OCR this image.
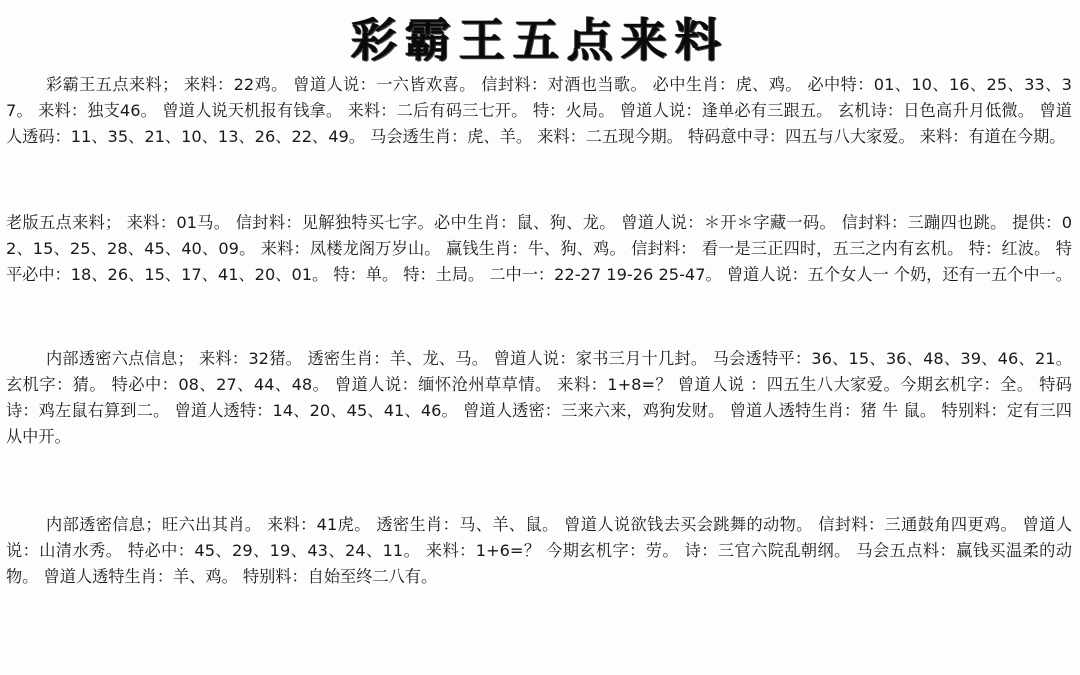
彩霸王五点来料
彩霸王五点来料； 来料：22鸡。 曾道人说：一六皆欢喜。 信封料：对酒也当歌。 必中生肖：虎、鸡。 必中特：01、10、16、25、33、37。 来料：独支46。 曾道人说天机报有钱拿。 来料：二后有码三七开。 特：火局。 曾道人说：逢单必有三跟五。 玄机诗：日色高升月低微。 曾道人透码：11、35、21、10、13、26、22、49。 马会透生肖：虎、羊。 来料：二五现今期。 特码意中寻：四五与八大家爱。 来料：有道在今期。
老版五点来料； 来料：01马。 信封料：见解独特买七字。必中生肖：鼠、狗、龙。 曾道人说：＊开＊字藏一码。 信封料：三蹦四也跳。 提供：02、15、25、28、45、40、09。 来料：凤楼龙阁万岁山。 赢钱生肖：牛、狗、鸡。 信封料： 看一是三正四时，五三之内有玄机。 特：红波。 特平必中：18、26、15、17、41、20、01。 特：单。 特：土局。 二中一：22-27 19-26 25-47。 曾道人说：五个女人一 个奶，还有一五个中一。
内部透密六点信息； 来料：32猪。 透密生肖：羊、龙、马。 曾道人说：家书三月十几封。 马会透特平：36、15、36、48、39、46、21。 玄机字：猜。 特必中：08、27、44、48。 曾道人说：缅怀沧州草草情。 来料：1+8=？ 曾道人说 ：四五生八大家爱。今期玄机字：全。 特码诗：鸡左鼠右算到二。 曾道人透特：14、20、45、41、46。 曾道人透密：三来六来，鸡狗发财。 曾道人透特生肖：猪 牛 鼠。 特别料：定有三四从中开。
内部透密信息；旺六出其肖。 来料：41虎。 透密生肖：马、羊、鼠。 曾道人说欲钱去买会跳舞的动物。 信封料：三通鼓角四更鸡。 曾道人说：山清水秀。 特必中：45、29、19、43、24、11。 来料：1+6=？ 今期玄机字：劳。 诗：三官六院乱朝纲。 马会五点料：赢钱买温柔的动物。 曾道人透特生肖：羊、鸡。 特别料：自始至终二八有。
